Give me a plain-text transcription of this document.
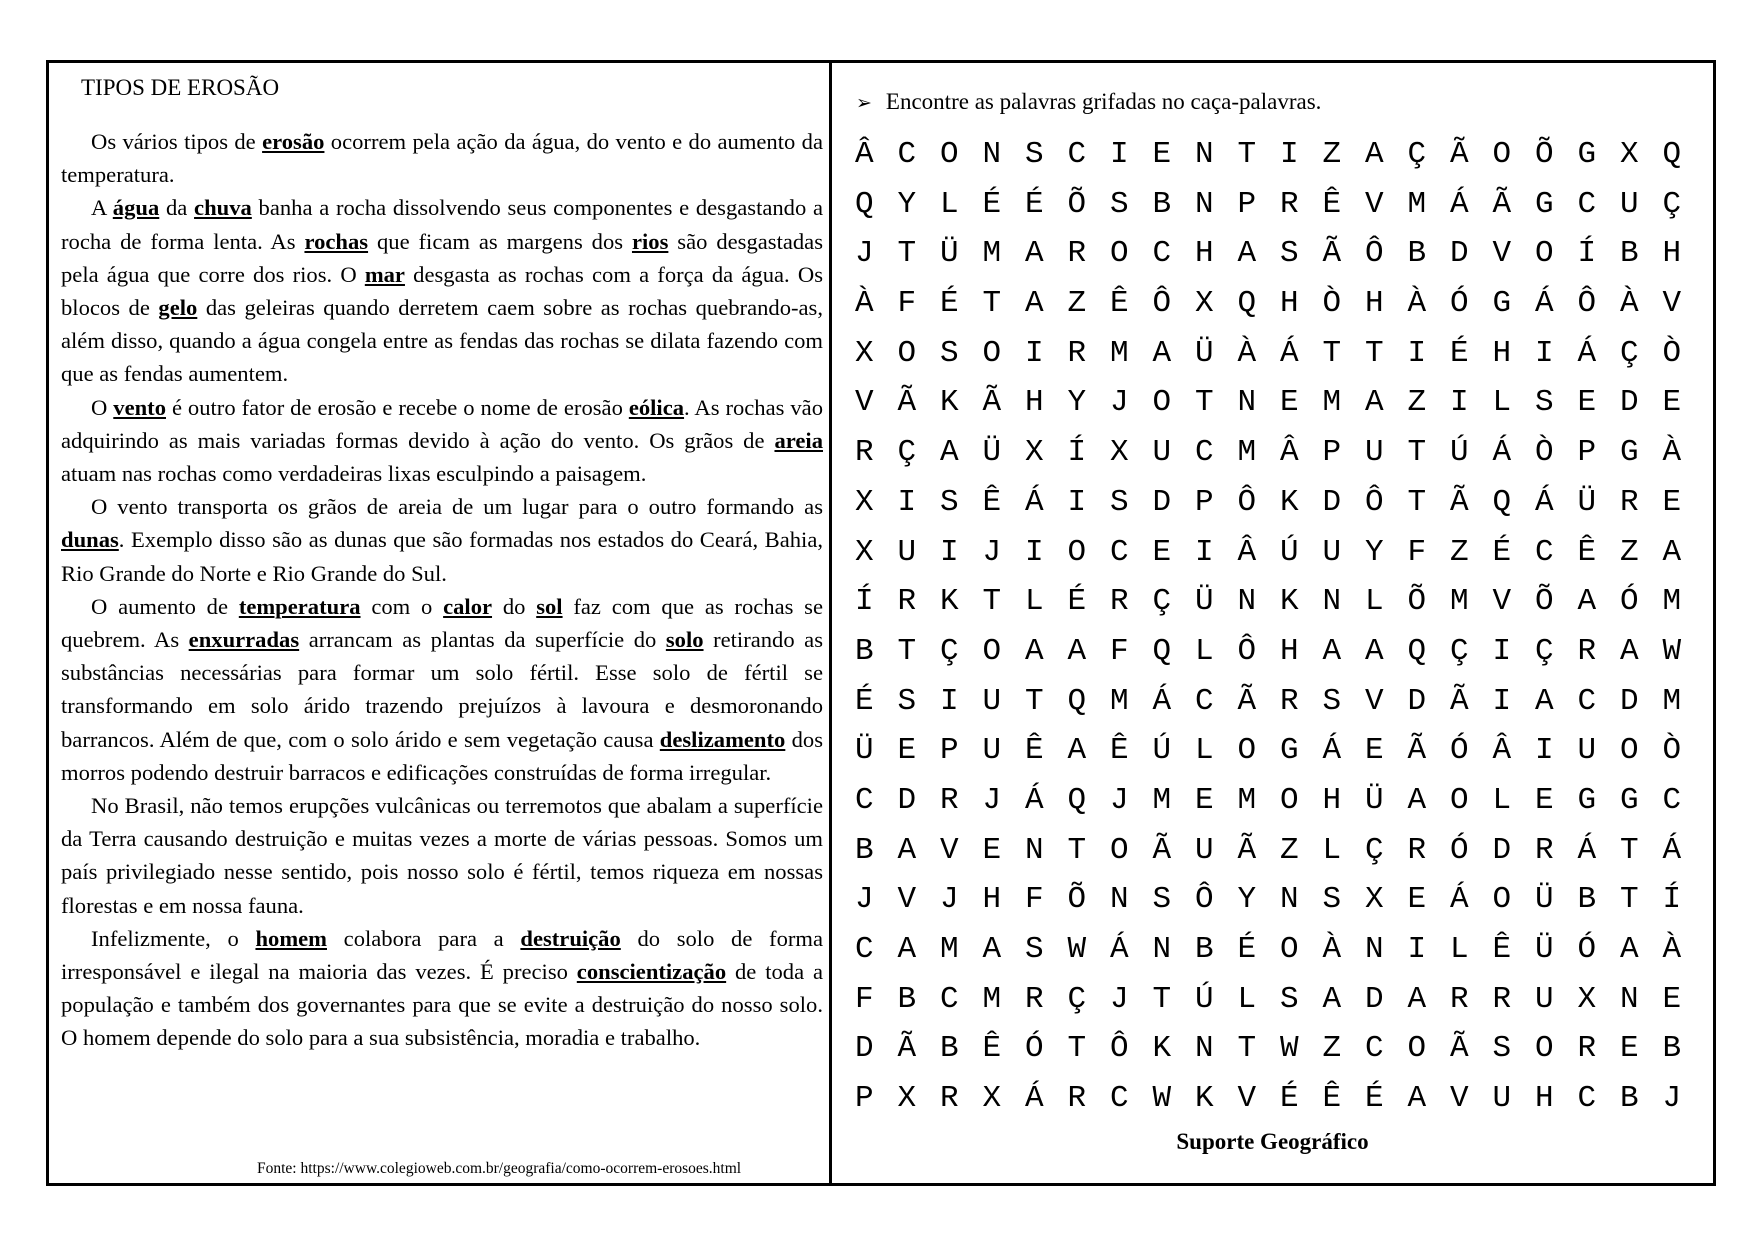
TIPOS DE EROSÃO

Os vários tipos de erosão ocorrem pela ação da água, do vento e do aumento da temperatura.

A água da chuva banha a rocha dissolvendo seus componentes e desgastando a rocha de forma lenta. As rochas que ficam as margens dos rios são desgastadas pela água que corre dos rios. O mar desgasta as rochas com a força da água. Os blocos de gelo das geleiras quando derretem caem sobre as rochas quebrando-as, além disso, quando a água congela entre as fendas das rochas se dilata fazendo com que as fendas aumentem.

O vento é outro fator de erosão e recebe o nome de erosão eólica. As rochas vão adquirindo as mais variadas formas devido à ação do vento. Os grãos de areia atuam nas rochas como verdadeiras lixas esculpindo a paisagem.

O vento transporta os grãos de areia de um lugar para o outro formando as dunas. Exemplo disso são as dunas que são formadas nos estados do Ceará, Bahia, Rio Grande do Norte e Rio Grande do Sul.

O aumento de temperatura com o calor do sol faz com que as rochas se quebrem. As enxurradas arrancam as plantas da superfície do solo retirando as substâncias necessárias para formar um solo fértil. Esse solo de fértil se transformando em solo árido trazendo prejuízos à lavoura e desmoronando barrancos. Além de que, com o solo árido e sem vegetação causa deslizamento dos morros podendo destruir barracos e edificações construídas de forma irregular.

No Brasil, não temos erupções vulcânicas ou terremotos que abalam a superfície da Terra causando destruição e muitas vezes a morte de várias pessoas. Somos um país privilegiado nesse sentido, pois nosso solo é fértil, temos riqueza em nossas florestas e em nossa fauna.

Infelizmente, o homem colabora para a destruição do solo de forma irresponsável e ilegal na maioria das vezes. É preciso conscientização de toda a população e também dos governantes para que se evite a destruição do nosso solo. O homem depende do solo para a sua subsistência, moradia e trabalho.

Fonte: https://www.colegioweb.com.br/geografia/como-ocorrem-erosoes.html
➢ Encontre as palavras grifadas no caça-palavras.
Â C O N S C I E N T I Z A Ç Ã O Õ G X Q
Q Y L É É Õ S B N P R Ê V M Á Ã G C U Ç
J T Ü M A R O C H A S Ã Ô B D V O Í B H
À F É T A Z Ê Ô X Q H Ò H À Ó G Á Ô À V
X O S O I R M A Ü À Á T T I É H I Á Ç Ò
V Ã K Ã H Y J O T N E M A Z I L S E D E
R Ç A Ü X Í X U C M Â P U T Ú Á Ò P G À
X I S Ê Á I S D P Ô K D Ô T Ã Q Á Ü R E
X U I J I O C E I Â Ú U Y F Z É C Ê Z A
Í R K T L É R Ç Ü N K N L Õ M V Õ A Ó M
B T Ç O A A F Q L Ô H A A Q Ç I Ç R A W
É S I U T Q M Á C Ã R S V D Ã I A C D M
Ü E P U Ê A Ê Ú L O G Á E Ã Ó Â I U O Ò
C D R J Á Q J M E M O H Ü A O L E G G C
B A V E N T O Ã U Ã Z L Ç R Ó D R Á T Á
J V J H F Õ N S Ô Y N S X E Á O Ü B T Í
C A M A S W Á N B É O À N I L Ê Ü Ó A À
F B C M R Ç J T Ú L S A D A R R U X N E
D Ã B Ê Ó T Ô K N T W Z C O Ã S O R E B
P X R X Á R C W K V É Ê É A V U H C B J
Suporte Geográfico
